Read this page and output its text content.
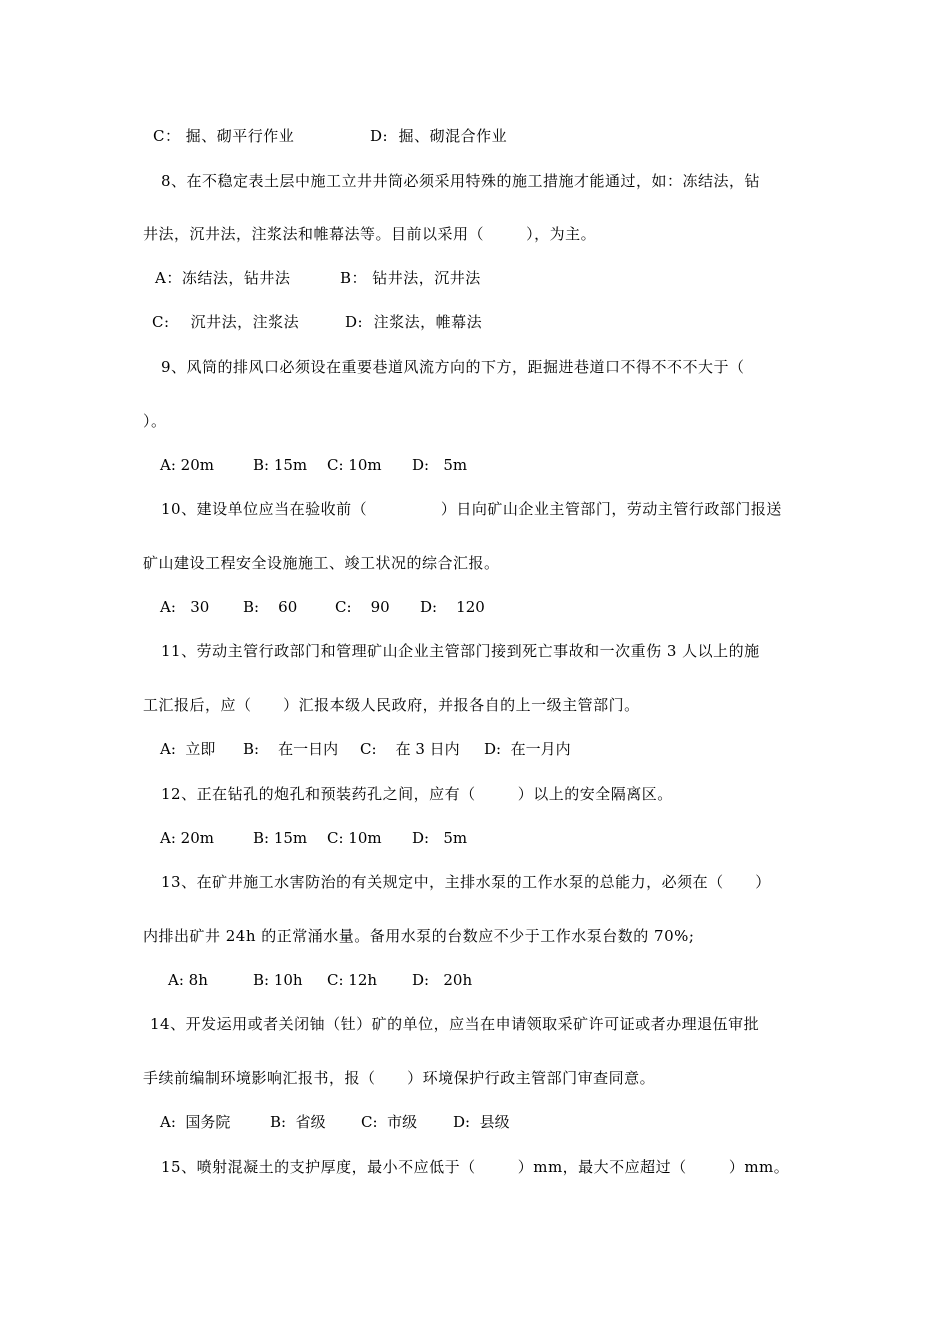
C： 掘、砌平行作业	D:  掘、砌混合作业
8、在不稳定表土层中施工立井井筒必须采用特殊的施工措施才能通过，如：冻结法，钻
井法，沉井法，注浆法和帷幕法等。目前以采用（        ），为主。
A：冻结法，钻井法	B： 钻井法，沉井法
C:    沉井法，注浆法	D:  注浆法，帷幕法
9、风筒的排风口必须设在重要巷道风流方向的下方，距掘进巷道口不得不不不大于（
）。
A: 20m	B: 15m C: 10m D:   5m
10、建设单位应当在验收前（              ）日向矿山企业主管部门，劳动主管行政部门报送
矿山建设工程安全设施施工、竣工状况的综合汇报。
A:   30 B:    60	C:    90 D:    120
11、劳动主管行政部门和管理矿山企业主管部门接到死亡事故和一次重伤 3 人以上的施
工汇报后，应（      ）汇报本级人民政府，并报各自的上一级主管部门。
A:  立即 B:    在一日内 C:    在 3 日内 D:  在一月内
12、正在钻孔的炮孔和预装药孔之间，应有（        ）以上的安全隔离区。
A: 20m	B: 15m C: 10m D:   5m
13、在矿井施工水害防治的有关规定中，主排水泵的工作水泵的总能力，必须在（      ）
内排出矿井 24h 的正常涌水量。备用水泵的台数应不少于工作水泵台数的 70%;
A: 8h	B: 10h C: 12h D:   20h
14、开发运用或者关闭铀（钍）矿的单位，应当在申请领取采矿许可证或者办理退伍审批
手续前编制环境影响汇报书，报（      ）环境保护行政主管部门审查同意。
A:  国务院	B:  省级 C:  市级 D:  县级
15、喷射混凝土的支护厚度，最小不应低于（        ）mm，最大不应超过（        ）mm。
